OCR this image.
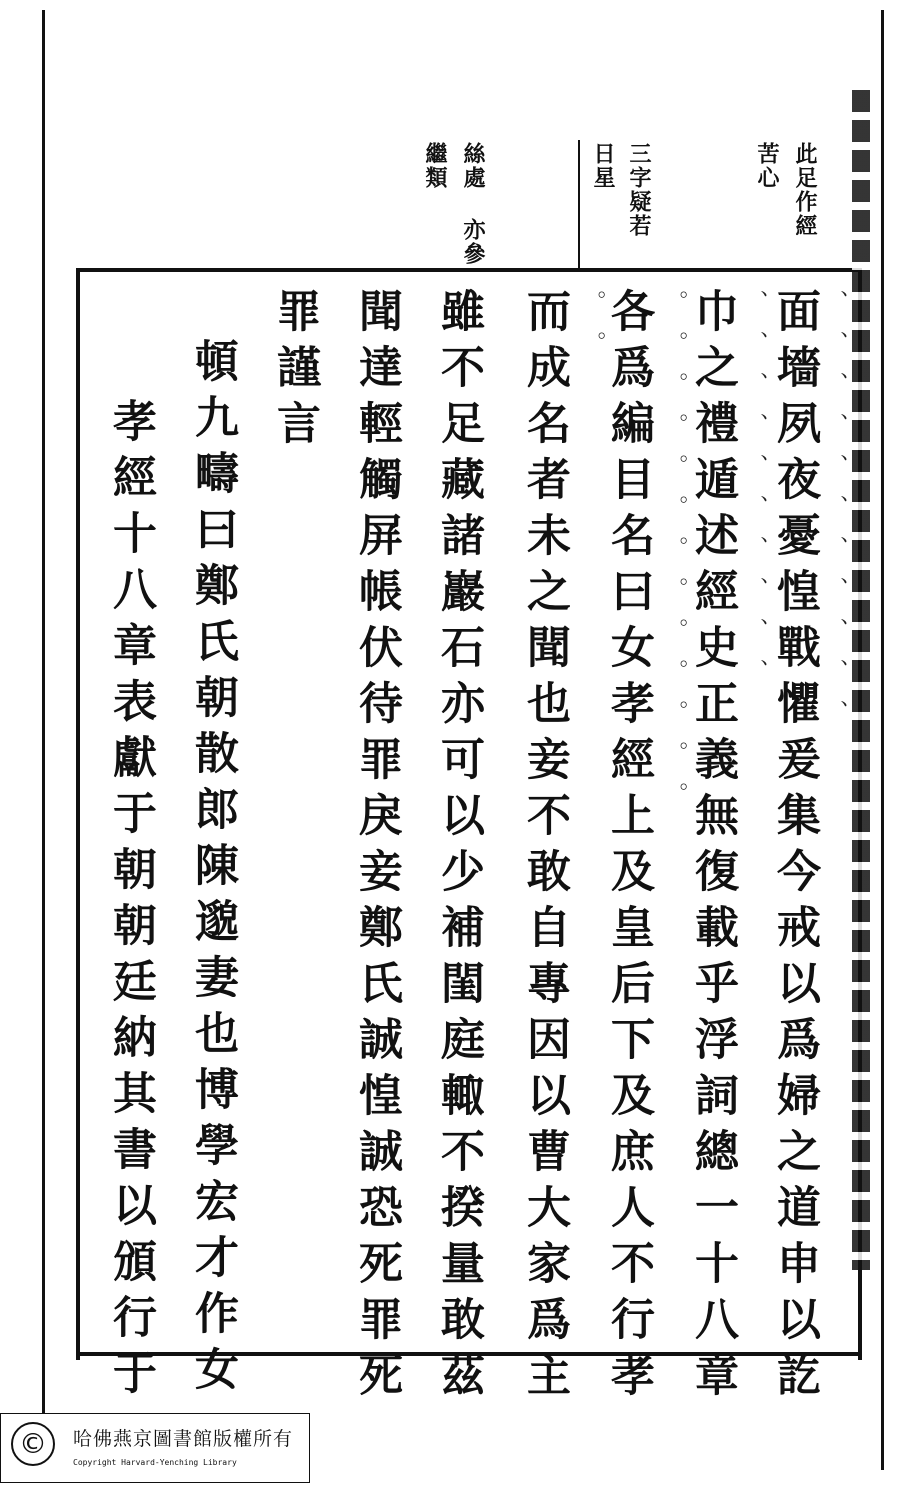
此足作經
苦心
三字疑若
日星
絲處
亦參
繼類
、、、、、、、、、、、
、、、、、、、、、、
。。。。。。。。。。。。。
。。	面墻夙夜憂惶戰懼爰集今戒以爲婦之道申以訖
巾之禮遁述經史正義無復載乎浮詞總一十八章
各爲編目名曰女孝經上及皇后下及庶人不行孝
而成名者未之聞也妾不敢自專因以曹大家爲主
雖不足藏諸巖石亦可以少補閨庭輙不揆量敢茲
聞達輕觸屏帳伏待罪戾妾鄭氏誠惶誠恐死罪死
罪謹言
頓九疇曰鄭氏朝散郎陳邈妻也博學宏才作女
孝經十八章表獻于朝朝廷納其書以頒行于
©	哈佛燕京圖書館版權所有
Copyright Harvard-Yenching Library
